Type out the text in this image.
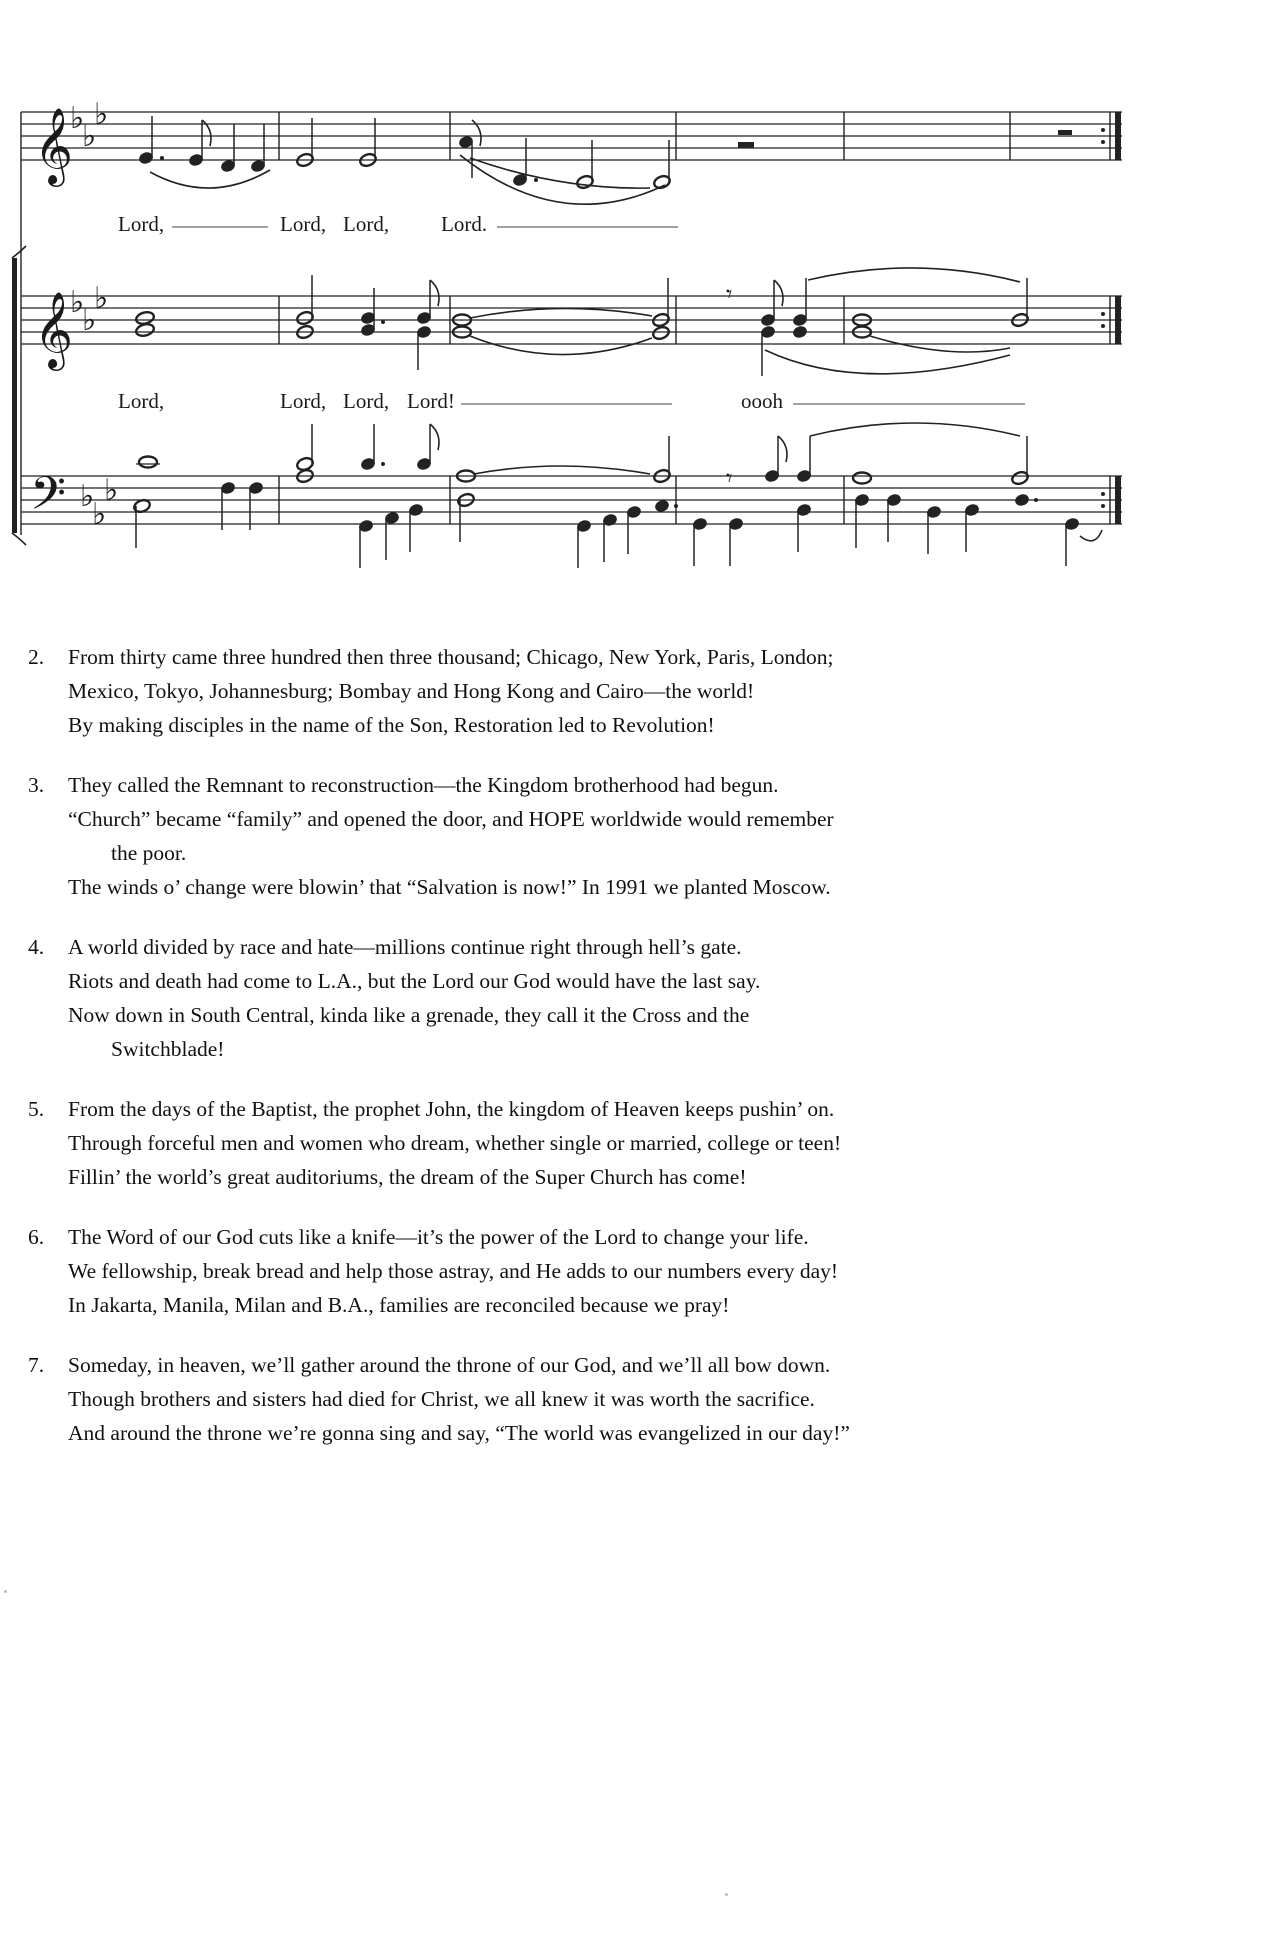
𝄞
♭
♭
♭
Lord,	Lord, Lord, Lord.
𝄞
♭
♭
♭	𝄾
Lord,	Lord, Lord, Lord!	oooh
𝄢 ♭
♭
♭	𝄾
2.	From thirty came three hundred then three thousand; Chicago, New York, Paris, London;
Mexico, Tokyo, Johannesburg; Bombay and Hong Kong and Cairo—the world!
By making disciples in the name of the Son, Restoration led to Revolution!
3.	They called the Remnant to reconstruction—the Kingdom brotherhood had begun.
“Church” became “family” and opened the door, and HOPE worldwide would remember
the poor.
The winds o’ change were blowin’ that “Salvation is now!” In 1991 we planted Moscow.
4.	A world divided by race and hate—millions continue right through hell’s gate.
Riots and death had come to L.A., but the Lord our God would have the last say.
Now down in South Central, kinda like a grenade, they call it the Cross and the
Switchblade!
5.	From the days of the Baptist, the prophet John, the kingdom of Heaven keeps pushin’ on.
Through forceful men and women who dream, whether single or married, college or teen!
Fillin’ the world’s great auditoriums, the dream of the Super Church has come!
6.	The Word of our God cuts like a knife—it’s the power of the Lord to change your life.
We fellowship, break bread and help those astray, and He adds to our numbers every day!
In Jakarta, Manila, Milan and B.A., families are reconciled because we pray!
7.	Someday, in heaven, we’ll gather around the throne of our God, and we’ll all bow down.
Though brothers and sisters had died for Christ, we all knew it was worth the sacrifice.
And around the throne we’re gonna sing and say, “The world was evangelized in our day!”
